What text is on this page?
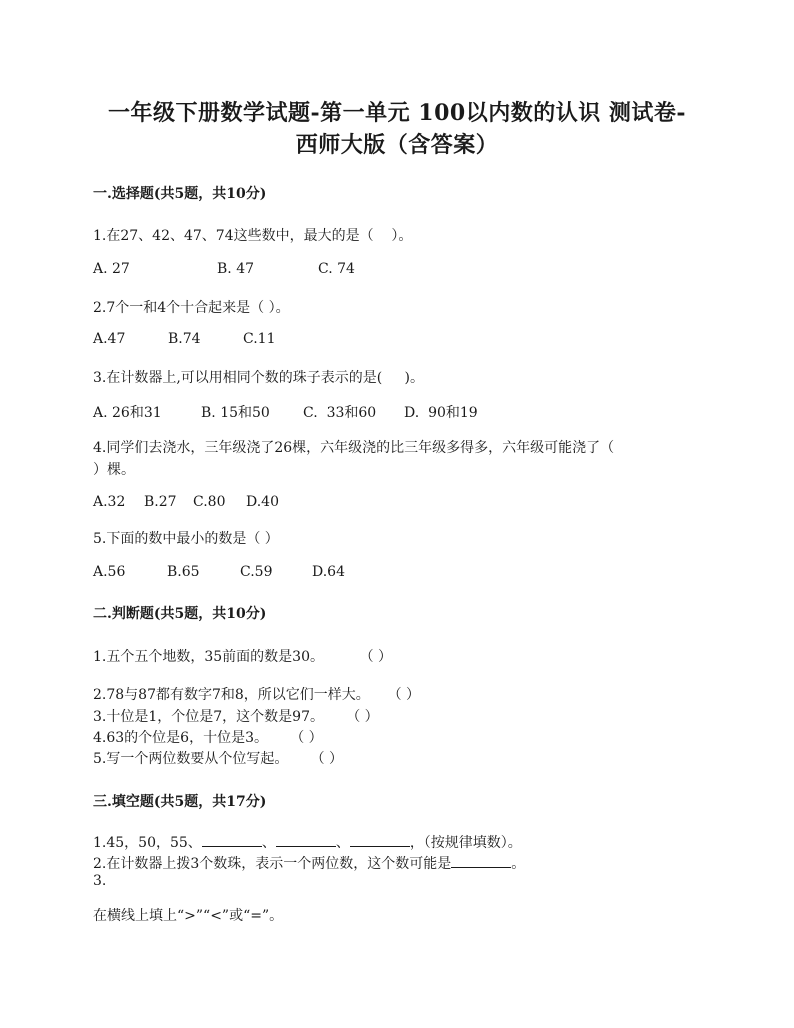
一年级下册数学试题-第一单元 100以内数的认识 测试卷-
西师大版（含答案）
一.选择题(共5题，共10分)
1.在27、42、47、74这些数中，最大的是（    ）。
A. 27	B. 47	C. 74
2.7个一和4个十合起来是（ ）。
A.47	B.74	C.11
3.在计数器上,可以用相同个数的珠子表示的是(     )。
A. 26和31	B. 15和50 C.  33和60 D.  90和19
4.同学们去浇水，三年级浇了26棵，六年级浇的比三年级多得多，六年级可能浇了（
）棵。
A.32 B.27 C.80 D.40
5.下面的数中最小的数是（ ）
A.56	B.65	C.59	D.64
二.判断题(共5题，共10分)
1.五个五个地数，35前面的数是30。        （ ）
2.78与87都有数字7和8，所以它们一样大。    （ ）
3.十位是1，个位是7，这个数是97。     （ ）
4.63的个位是6，十位是3。     （ ）
5.写一个两位数要从个位写起。     （ ）
三.填空题(共5题，共17分)
1.45，50，55、	、	、	，（按规律填数）。
2.在计数器上拨3个数珠，表示一个两位数，这个数可能是	。
3.
在横线上填上“>”“<”或“=”。
